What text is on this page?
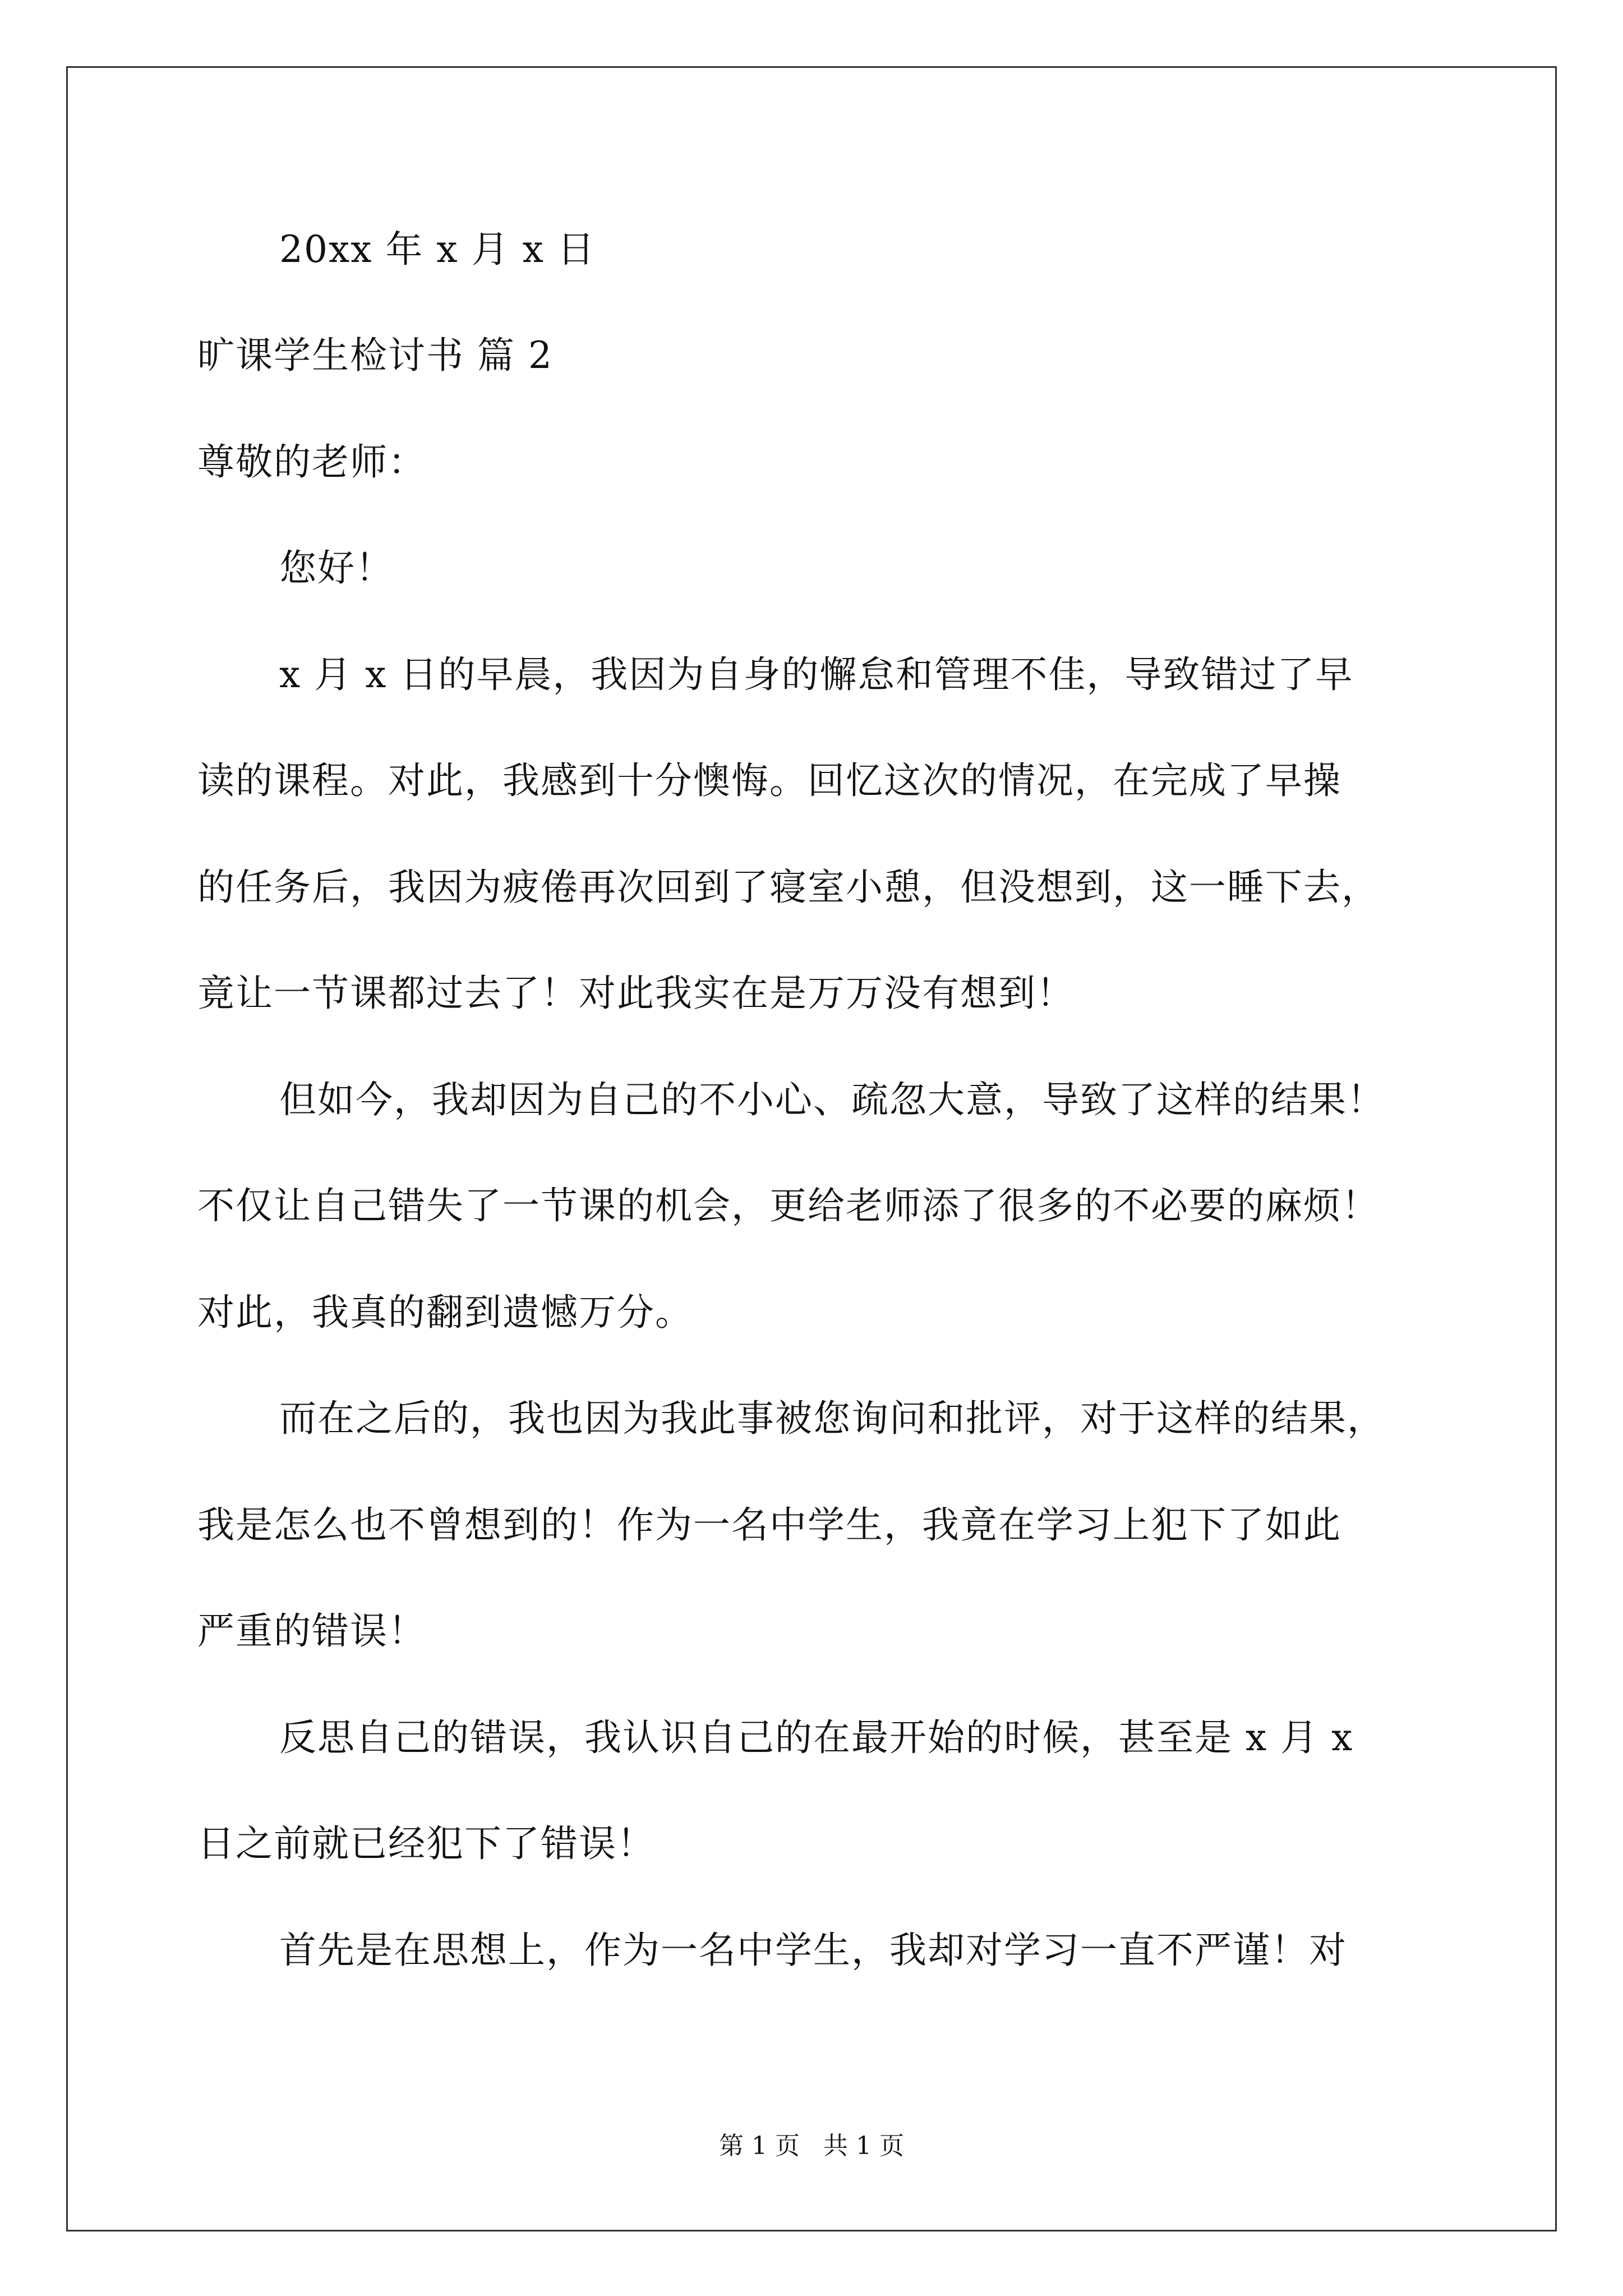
20xx 年 x 月 x 日
旷课学生检讨书 篇 2
尊敬的老师：
您好！
x 月 x 日的早晨，我因为自身的懈怠和管理不佳，导致错过了早
读的课程。对此，我感到十分懊悔。回忆这次的情况，在完成了早操
的任务后，我因为疲倦再次回到了寝室小憩，但没想到，这一睡下去，
竟让一节课都过去了！对此我实在是万万没有想到！
但如今，我却因为自己的不小心、疏忽大意，导致了这样的结果！
不仅让自己错失了一节课的机会，更给老师添了很多的不必要的麻烦！
对此，我真的翻到遗憾万分。
而在之后的，我也因为我此事被您询问和批评，对于这样的结果，
我是怎么也不曾想到的！作为一名中学生，我竟在学习上犯下了如此
严重的错误！
反思自己的错误，我认识自己的在最开始的时候，甚至是 x 月 x
日之前就已经犯下了错误！
首先是在思想上，作为一名中学生，我却对学习一直不严谨！对
第 1 页   共 1 页
